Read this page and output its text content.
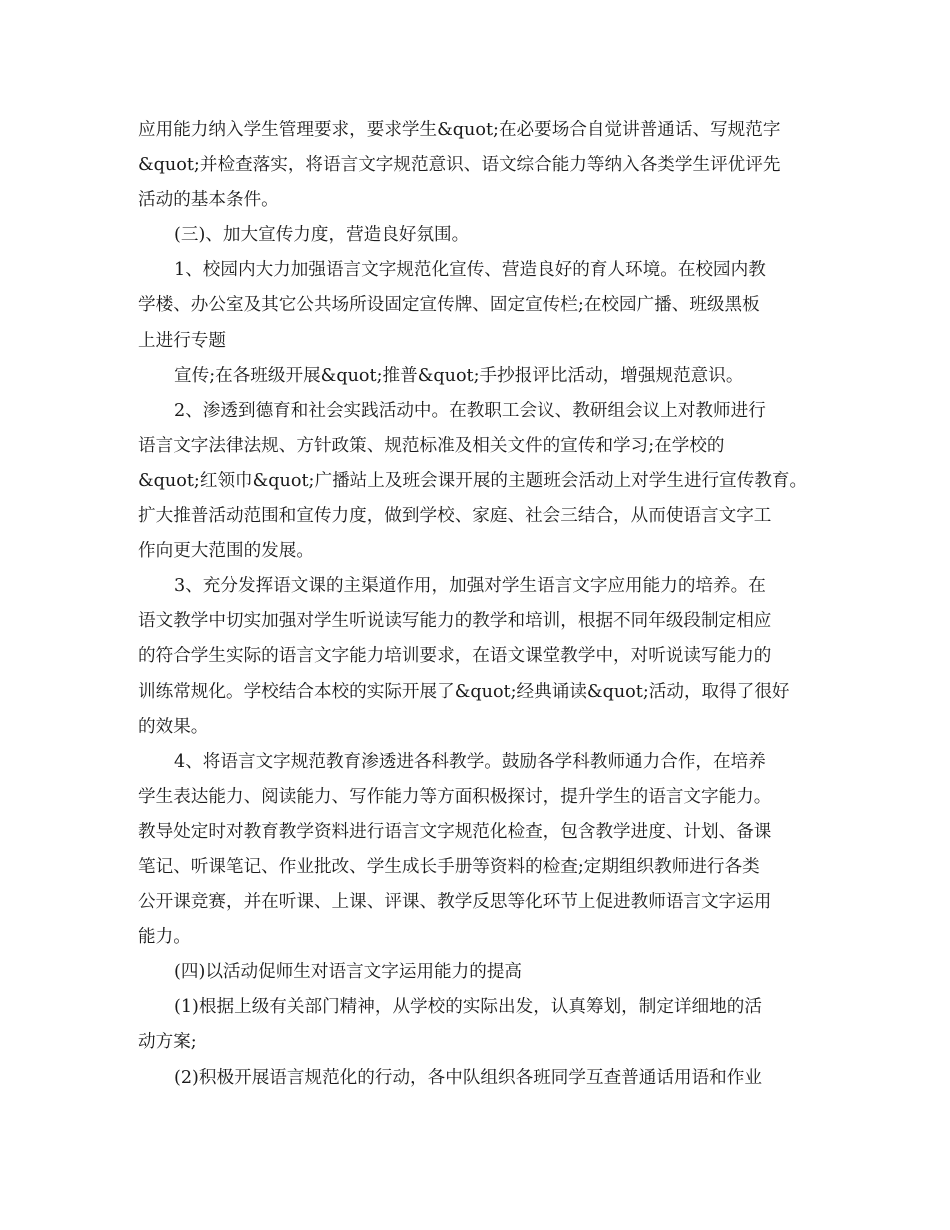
应用能力纳入学生管理要求，要求学生&quot;在必要场合自觉讲普通话、写规范字
&quot;并检查落实，将语言文字规范意识、语文综合能力等纳入各类学生评优评先
活动的基本条件。
(三)、加大宣传力度，营造良好氛围。
1、校园内大力加强语言文字规范化宣传、营造良好的育人环境。在校园内教
学楼、办公室及其它公共场所设固定宣传牌、固定宣传栏;在校园广播、班级黑板
上进行专题
宣传;在各班级开展&quot;推普&quot;手抄报评比活动，增强规范意识。
2、渗透到德育和社会实践活动中。在教职工会议、教研组会议上对教师进行
语言文字法律法规、方针政策、规范标准及相关文件的宣传和学习;在学校的
&quot;红领巾&quot;广播站上及班会课开展的主题班会活动上对学生进行宣传教育。
扩大推普活动范围和宣传力度，做到学校、家庭、社会三结合，从而使语言文字工
作向更大范围的发展。
3、充分发挥语文课的主渠道作用，加强对学生语言文字应用能力的培养。在
语文教学中切实加强对学生听说读写能力的教学和培训，根据不同年级段制定相应
的符合学生实际的语言文字能力培训要求，在语文课堂教学中，对听说读写能力的
训练常规化。学校结合本校的实际开展了&quot;经典诵读&quot;活动，取得了很好
的效果。
4、将语言文字规范教育渗透进各科教学。鼓励各学科教师通力合作，在培养
学生表达能力、阅读能力、写作能力等方面积极探讨，提升学生的语言文字能力。
教导处定时对教育教学资料进行语言文字规范化检查，包含教学进度、计划、备课
笔记、听课笔记、作业批改、学生成长手册等资料的检查;定期组织教师进行各类
公开课竞赛，并在听课、上课、评课、教学反思等化环节上促进教师语言文字运用
能力。
(四)以活动促师生对语言文字运用能力的提高
(1)根据上级有关部门精神，从学校的实际出发，认真筹划，制定详细地的活
动方案;
(2)积极开展语言规范化的行动，各中队组织各班同学互查普通话用语和作业
